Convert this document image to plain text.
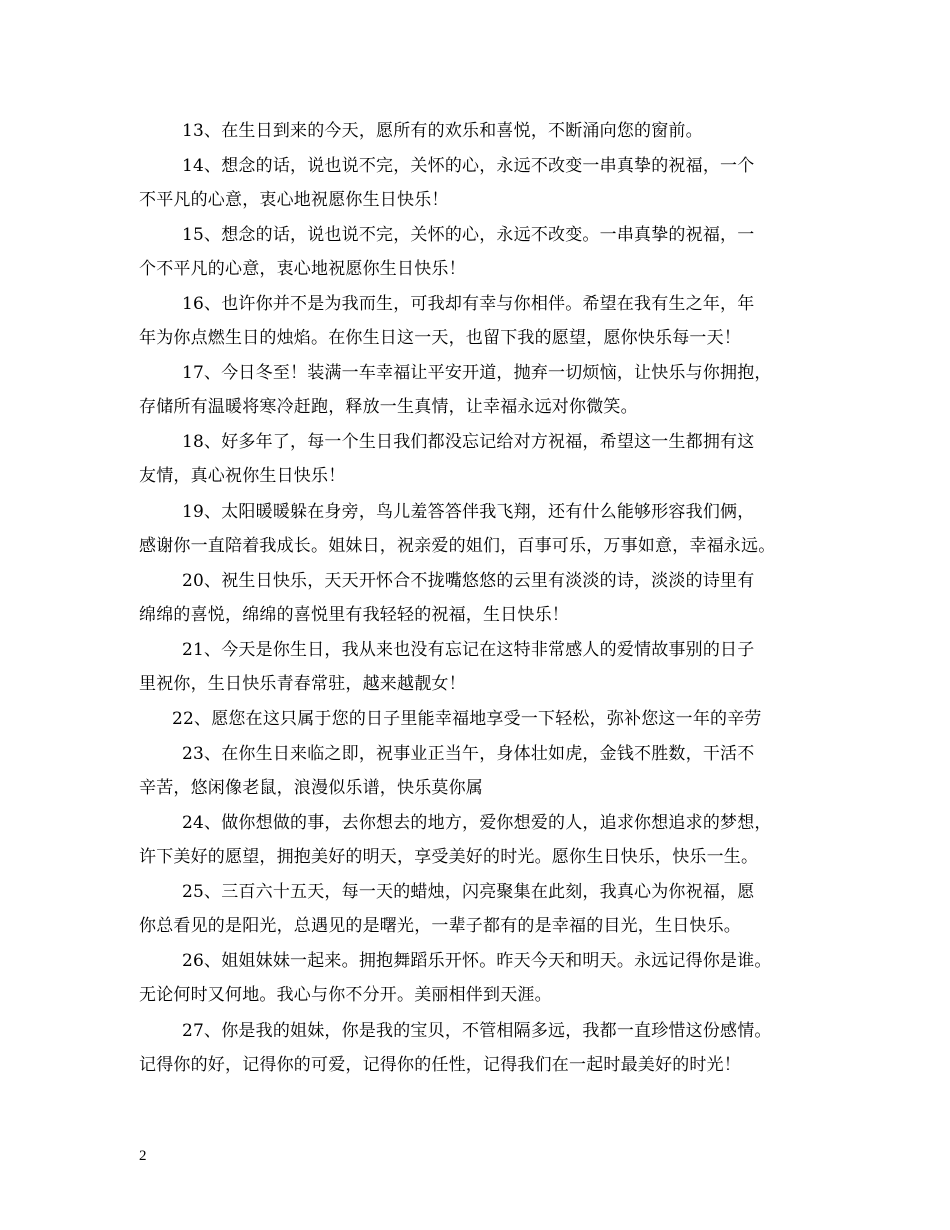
13、在生日到来的今天，愿所有的欢乐和喜悦，不断涌向您的窗前。
14、想念的话，说也说不完，关怀的心，永远不改变一串真挚的祝福，一个
不平凡的心意，衷心地祝愿你生日快乐！
15、想念的话，说也说不完，关怀的心，永远不改变。一串真挚的祝福，一
个不平凡的心意，衷心地祝愿你生日快乐！
16、也许你并不是为我而生，可我却有幸与你相伴。希望在我有生之年，年
年为你点燃生日的烛焰。在你生日这一天，也留下我的愿望，愿你快乐每一天！
17、今日冬至！装满一车幸福让平安开道，抛弃一切烦恼，让快乐与你拥抱，
存储所有温暖将寒冷赶跑，释放一生真情，让幸福永远对你微笑。
18、好多年了，每一个生日我们都没忘记给对方祝福，希望这一生都拥有这
友情，真心祝你生日快乐！
19、太阳暖暖躲在身旁，鸟儿羞答答伴我飞翔，还有什么能够形容我们俩，
感谢你一直陪着我成长。姐妹日，祝亲爱的姐们，百事可乐，万事如意，幸福永远。
20、祝生日快乐，天天开怀合不拢嘴悠悠的云里有淡淡的诗，淡淡的诗里有
绵绵的喜悦，绵绵的喜悦里有我轻轻的祝福，生日快乐！
21、今天是你生日，我从来也没有忘记在这特非常感人的爱情故事别的日子
里祝你，生日快乐青春常驻，越来越靓女！
22、愿您在这只属于您的日子里能幸福地享受一下轻松，弥补您这一年的辛劳
23、在你生日来临之即，祝事业正当午，身体壮如虎，金钱不胜数，干活不
辛苦，悠闲像老鼠，浪漫似乐谱，快乐莫你属
24、做你想做的事，去你想去的地方，爱你想爱的人，追求你想追求的梦想，
许下美好的愿望，拥抱美好的明天，享受美好的时光。愿你生日快乐，快乐一生。
25、三百六十五天，每一天的蜡烛，闪亮聚集在此刻，我真心为你祝福，愿
你总看见的是阳光，总遇见的是曙光，一辈子都有的是幸福的目光，生日快乐。
26、姐姐妹妹一起来。拥抱舞蹈乐开怀。昨天今天和明天。永远记得你是谁。
无论何时又何地。我心与你不分开。美丽相伴到天涯。
27、你是我的姐妹，你是我的宝贝，不管相隔多远，我都一直珍惜这份感情。
记得你的好，记得你的可爱，记得你的任性，记得我们在一起时最美好的时光！
2
